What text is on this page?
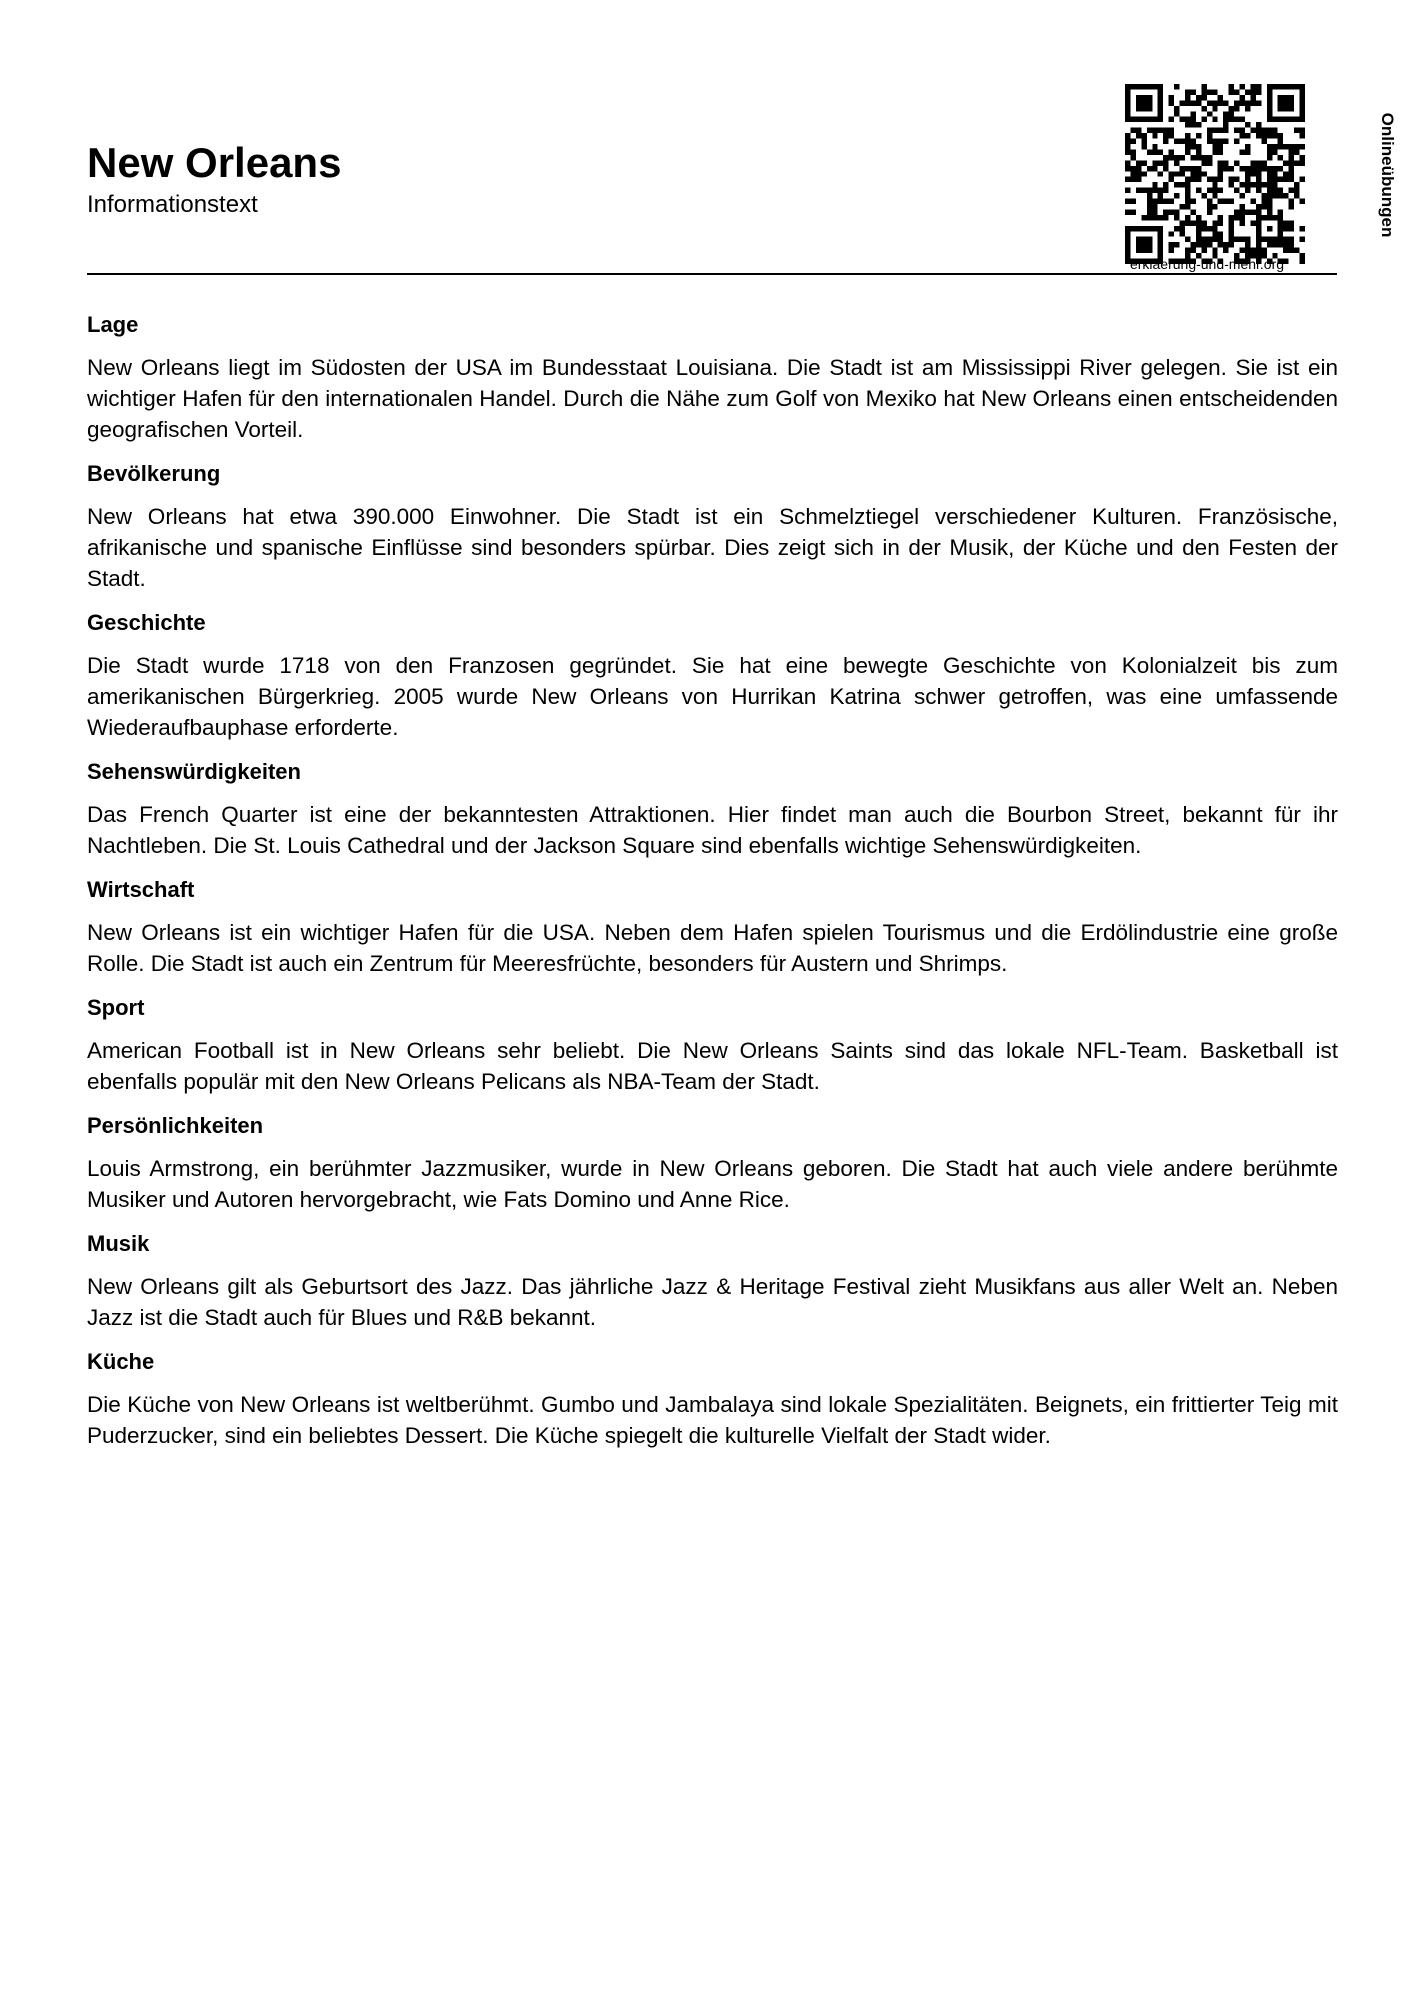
New Orleans
Informationstext
erklaerung-und-mehr.org
Onlineübungen
Lage

New Orleans liegt im Südosten der USA im Bundesstaat Louisiana. Die Stadt ist am Mississippi River gelegen. Sie ist ein wichtiger Hafen für den internationalen Handel. Durch die Nähe zum Golf von Mexiko hat New Orleans einen entscheidenden geografischen Vorteil.

Bevölkerung

New Orleans hat etwa 390.000 Einwohner. Die Stadt ist ein Schmelztiegel verschiedener Kulturen. Französische, afrikanische und spanische Einflüsse sind besonders spürbar. Dies zeigt sich in der Musik, der Küche und den Festen der Stadt.

Geschichte

Die Stadt wurde 1718 von den Franzosen gegründet. Sie hat eine bewegte Geschichte von Kolonialzeit bis zum amerikanischen Bürgerkrieg. 2005 wurde New Orleans von Hurrikan Katrina schwer getroffen, was eine umfassende Wiederaufbauphase erforderte.

Sehenswürdigkeiten

Das French Quarter ist eine der bekanntesten Attraktionen. Hier findet man auch die Bourbon Street, bekannt für ihr Nachtleben. Die St. Louis Cathedral und der Jackson Square sind ebenfalls wichtige Sehenswürdigkeiten.

Wirtschaft

New Orleans ist ein wichtiger Hafen für die USA. Neben dem Hafen spielen Tourismus und die Erdölindustrie eine große Rolle. Die Stadt ist auch ein Zentrum für Meeresfrüchte, besonders für Austern und Shrimps.

Sport

American Football ist in New Orleans sehr beliebt. Die New Orleans Saints sind das lokale NFL-Team. Basketball ist ebenfalls populär mit den New Orleans Pelicans als NBA-Team der Stadt.

Persönlichkeiten

Louis Armstrong, ein berühmter Jazzmusiker, wurde in New Orleans geboren. Die Stadt hat auch viele andere berühmte Musiker und Autoren hervorgebracht, wie Fats Domino und Anne Rice.

Musik

New Orleans gilt als Geburtsort des Jazz. Das jährliche Jazz & Heritage Festival zieht Musikfans aus aller Welt an. Neben Jazz ist die Stadt auch für Blues und R&B bekannt.

Küche

Die Küche von New Orleans ist weltberühmt. Gumbo und Jambalaya sind lokale Spezialitäten. Beignets, ein frittierter Teig mit Puderzucker, sind ein beliebtes Dessert. Die Küche spiegelt die kulturelle Vielfalt der Stadt wider.
